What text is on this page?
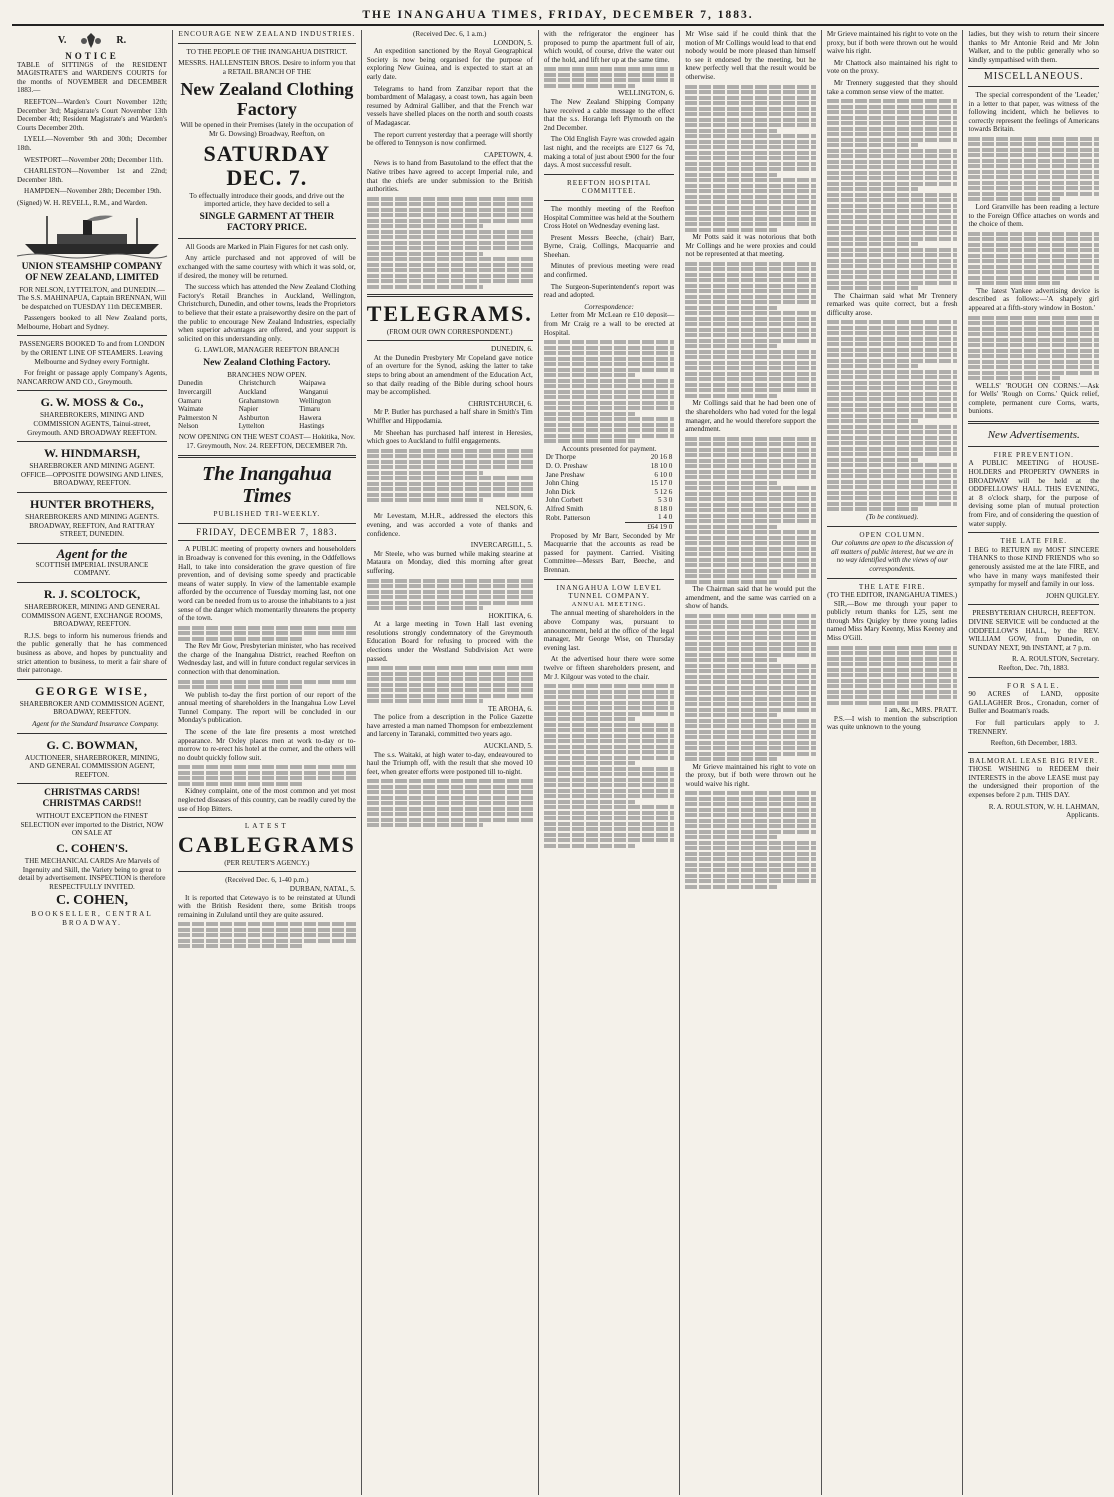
THE INANGAHUA TIMES, FRIDAY, DECEMBER 7, 1883.
V.	R.
NOTICE

TABLE of SITTINGS of the RESIDENT MAGISTRATE'S and WARDEN'S COURTS for the months of NOVEMBER and DECEMBER 1883.—

REEFTON—Warden's Court November 12th; December 3rd; Magistrate's Court November 13th December 4th; Resident Magistrate's and Warden's Courts December 20th.

LYELL—November 9th and 30th; December 18th.

WESTPORT—November 20th; December 11th.

CHARLESTON—November 1st and 22nd; December 18th.

HAMPDEN—November 28th; December 19th.

(Signed) W. H. REVELL, R.M., and Warden.

UNION STEAMSHIP COMPANY OF NEW ZEALAND, LIMITED

FOR NELSON, LYTTELTON, and DUNEDIN.— The S.S. MAHINAPUA, Captain BRENNAN, Will be despatched on TUESDAY 11th DECEMBER.

Passengers booked to all New Zealand ports, Melbourne, Hobart and Sydney.

PASSENGERS BOOKED To and from LONDON by the ORIENT LINE OF STEAMERS. Leaving Melbourne and Sydney every Fortnight.

For freight or passage apply Company's Agents, NANCARROW AND CO., Greymouth.

G. W. MOSS & Co.,

SHAREBROKERS, MINING AND COMMISSION AGENTS, Tainui-street, Greymouth. AND BROADWAY REEFTON.

W. HINDMARSH,

SHAREBROKER AND MINING AGENT. OFFICE—OPPOSITE DOWSING AND LINES, BROADWAY, REEFTON.

HUNTER BROTHERS,

SHAREBROKERS AND MINING AGENTS. BROADWAY, REEFTON, And RATTRAY STREET, DUNEDIN.

Agent for the

SCOTTISH IMPERIAL INSURANCE COMPANY.

R. J. SCOLTOCK,

SHAREBROKER, MINING AND GENERAL COMMISSON AGENT, EXCHANGE ROOMS, BROADWAY, REEFTON.

R.J.S. begs to inform his numerous friends and the public generally that he has commenced business as above, and hopes by punctuality and strict attention to business, to merit a fair share of their patronage.

GEORGE WISE,

SHAREBROKER AND COMMISSION AGENT, BROADWAY, REEFTON.

Agent for the Standard Insurance Company.

G. C. BOWMAN,

AUCTIONEER, SHAREBROKER, MINING, AND GENERAL COMMISSION AGENT, REEFTON.

CHRISTMAS CARDS! CHRISTMAS CARDS!!

WITHOUT EXCEPTION the FINEST SELECTION ever imported to the District, NOW ON SALE AT

C. COHEN'S.

THE MECHANICAL CARDS Are Marvels of Ingenuity and Skill, the Variety being to great to detail by advertisement. INSPECTION is therefore RESPECTFULLY INVITED.

C. COHEN,
BOOKSELLER, CENTRAL BROADWAY.
ENCOURAGE NEW ZEALAND INDUSTRIES.

TO THE PEOPLE OF THE INANGAHUA DISTRICT.

MESSRS. HALLENSTEIN BROS. Desire to inform you that a RETAIL BRANCH OF THE

New Zealand Clothing Factory

Will be opened in their Premises (lately in the occupation of Mr G. Dowsing) Broadway, Reefton, on

SATURDAY DEC. 7.

To effectually introduce their goods, and drive out the imported article, they have decided to sell a

SINGLE GARMENT AT THEIR FACTORY PRICE.

All Goods are Marked in Plain Figures for net cash only.

Any article purchased and not approved of will be exchanged with the same courtesy with which it was sold, or, if desired, the money will be returned.

The success which has attended the New Zealand Clothing Factory's Retail Branches in Auckland, Wellington, Christchurch, Dunedin, and other towns, leads the Proprietors to believe that their estate a praiseworthy desire on the part of the public to encourage New Zealand Industries, especially when superior advantages are offered, and your support is solicited on this understanding only.

G. LAWLOR, MANAGER REEFTON BRANCH

New Zealand Clothing Factory.
BRANCHES NOW OPEN.
Dunedin	Christchurch	Waipawa
Invercargill	Auckland	Wanganui
Oamaru	Grahamstown	Wellington
Waimate	Napier	Timaru
Palmerston N	Ashburton	Hawera
Nelson	Lyttelton	Hastings

NOW OPENING ON THE WEST COAST— Hokitika, Nov. 17. Greymouth, Nov. 24. REEFTON, DECEMBER 7th.

The Inangahua Times
PUBLISHED TRI-WEEKLY.
FRIDAY, DECEMBER 7, 1883.

A PUBLIC meeting of property owners and householders in Broadway is convened for this evening, in the Oddfellows Hall, to take into consideration the grave question of fire prevention, and of devising some speedy and practicable means of water supply. In view of the lamentable example afforded by the occurrence of Tuesday morning last, not one word can be needed from us to arouse the inhabitants to a just sense of the danger which momentarily threatens the property of the town.

The Rev Mr Gow, Presbyterian minister, who has received the charge of the Inangahua District, reached Reefton on Wednesday last, and will in future conduct regular services in connection with that denomination.

We publish to-day the first portion of our report of the annual meeting of shareholders in the Inangahua Low Level Tunnel Company. The report will be concluded in our Monday's publication.

The scene of the late fire presents a most wretched appearance. Mr Oxley places men at work to-day or to-morrow to re-erect his hotel at the corner, and the others will no doubt quickly follow suit.

Kidney complaint, one of the most common and yet most neglected diseases of this country, can be readily cured by the use of Hop Bitters.

LATEST
CABLEGRAMS
(PER REUTER'S AGENCY.)
(Received Dec. 6, 1-40 p.m.)
DURBAN, NATAL, 5.

It is reported that Cetewayo is to be reinstated at Ulundi with the British Resident there, some British troops remaining in Zululand until they are quite assured.

(Received Dec. 6, 1 a.m.)
LONDON, 5.

An expedition sanctioned by the Royal Geographical Society is now being organised for the purpose of exploring New Guinea, and is expected to start at an early date.

Telegrams to hand from Zanzibar report that the bombardment of Malagasy, a coast town, has again been resumed by Admiral Galliber, and that the French war vessels have shelled places on the north and south coasts of Madagascar.

The report current yesterday that a peerage will shortly be offered to Tennyson is now confirmed.

CAPETOWN, 4.

News is to hand from Basutoland to the effect that the Native tribes have agreed to accept Imperial rule, and that the chiefs are under submission to the British authorities.

TELEGRAMS.
(FROM OUR OWN CORRESPONDENT.)
DUNEDIN, 6.

At the Dunedin Presbytery Mr Copeland gave notice of an overture for the Synod, asking the latter to take steps to bring about an amendment of the Education Act, so that daily reading of the Bible during school hours may be accomplished.

CHRISTCHURCH, 6.

Mr P. Butler has purchased a half share in Smith's Tim Whiffler and Hippodamia.

Mr Sheehan has purchased half interest in Heresies, which goes to Auckland to fulfil engagements.

NELSON, 6.

Mr Levestam, M.H.R., addressed the electors this evening, and was accorded a vote of thanks and confidence.

INVERCARGILL, 5.

Mr Steele, who was burned while making stearine at Mataura on Monday, died this morning after great suffering.

HOKITIKA, 6.

At a large meeting in Town Hall last evening resolutions strongly condemnatory of the Greymouth Education Board for refusing to proceed with the elections under the Westland Subdivision Act were passed.

TE AROHA, 6.

The police from a description in the Police Gazette have arrested a man named Thompson for embezzlement and larceny in Taranaki, committed two years ago.

AUCKLAND, 5.

The s.s. Waitaki, at high water to-day, endeavoured to haul the Triumph off, with the result that she moved 10 feet, when greater efforts were postponed till to-night.

with the refrigerator the engineer has proposed to pump the apartment full of air, which would, of course, drive the water out of the hold, and lift her up at the same time.

WELLINGTON, 6.

The New Zealand Shipping Company have received a cable message to the effect that the s.s. Horanga left Plymouth on the 2nd December.

The Old English Fayre was crowded again last night, and the receipts are £127 6s 7d, making a total of just about £900 for the four days. A most successful result.

REEFTON HOSPITAL COMMITTEE.

The monthly meeting of the Reefton Hospital Committee was held at the Southern Cross Hotel on Wednesday evening last.

Present Messrs Beeche, (chair) Barr, Byrne, Craig, Collings, Macquarrie and Sheehan.

Minutes of previous meeting were read and confirmed.

The Surgeon-Superintendent's report was read and adopted.

Correspondence:

Letter from Mr McLean re £10 deposit—from Mr Craig re a wall to be erected at Hospital.

Accounts presented for payment.
Dr Thorpe	20 16 8
D. O. Preshaw	18 10 0
Jane Preshaw	6 10 0
John Ching	15 17 0
John Dick	5 12 6
John Corbett	5 3 0
Alfred Smith	8 18 0
Robt. Patterson	1 4 0
	£64 19 0

Proposed by Mr Barr, Seconded by Mr Macquarrie that the accounts as read be passed for payment. Carried. Visiting Committee—Messrs Barr, Beeche, and Brennan.

INANGAHUA LOW LEVEL TUNNEL COMPANY.
ANNUAL MEETING.

The annual meeting of shareholders in the above Company was, pursuant to announcement, held at the office of the legal manager, Mr George Wise, on Thursday evening last.

At the advertised hour there were some twelve or fifteen shareholders present, and Mr J. Kilgour was voted to the chair.

Mr Wise said if he could think that the motion of Mr Collings would lead to that end nobody would be more pleased than himself to see it endorsed by the meeting, but he knew perfectly well that the result would be otherwise.

Mr Potts said it was notorious that both Mr Collings and he were proxies and could not be represented at that meeting.

Mr Collings said that he had been one of the shareholders who had voted for the legal manager, and he would therefore support the amendment.

The Chairman said that he would put the amendment, and the same was carried on a show of hands.

Mr Grieve maintained his right to vote on the proxy, but if both were thrown out he would waive his right.

Mr Grieve maintained his right to vote on the proxy, but if both were thrown out he would waive his right.

Mr Chattock also maintained his right to vote on the proxy.

Mr Trennery suggested that they should take a common sense view of the matter.

The Chairman said what Mr Trennery remarked was quite correct, but a fresh difficulty arose.

(To be continued).
OPEN COLUMN.

Our columns are open to the discussion of all matters of public interest, but we are in no way identified with the views of our correspondents.

THE LATE FIRE.
(TO THE EDITOR, INANGAHUA TIMES.)

SIR,—Bow me through your paper to publicly return thanks for L25, sent me through Mrs Quigley by three young ladies named Miss Mary Keenny, Miss Keeney and Miss O'Gill.

I am, &c., MRS. PRATT.

P.S.—I wish to mention the subscription was quite unknown to the young

ladies, but they wish to return their sincere thanks to Mr Antonie Reid and Mr John Walker, and to the public generally who so kindly sympathised with them.

MISCELLANEOUS.

The special correspondent of the 'Leader,' in a letter to that paper, was witness of the following incident, which he believes to correctly represent the feelings of Americans towards Britain.

Lord Granville has been reading a lecture to the Foreign Office attaches on words and the choice of them.

'The latest Yankee advertising device is described as follows:—'A shapely girl appeared at a fifth-story window in Boston.'

WELLS' 'ROUGH ON CORNS.'—Ask for Wells' 'Rough on Corns.' Quick relief, complete, permanent cure Corns, warts, bunions.

New Advertisements.
FIRE PREVENTION.

A PUBLIC MEETING of HOUSE-HOLDERS and PROPERTY OWNERS in BROADWAY will be held at the ODDFELLOWS' HALL THIS EVENING, at 8 o'clock sharp, for the purpose of devising some plan of mutual protection from Fire, and of considering the question of water supply.

THE LATE FIRE.

I BEG to RETURN my MOST SINCERE THANKS to those KIND FRIENDS who so generously assisted me at the late FIRE, and who have in many ways manifested their sympathy for myself and family in our loss.

JOHN QUIGLEY.
PRESBYTERIAN CHURCH, REEFTON.

DIVINE SERVICE will be conducted at the ODDFELLOW'S HALL, by the REV. WILLIAM GOW, from Dunedin, on SUNDAY NEXT, 9th INSTANT, at 7 p.m.

R. A. ROULSTON, Secretary.
Reefton, Dec. 7th, 1883.
FOR SALE.

90 ACRES of LAND, opposite GALLAGHER Bros., Cronadun, corner of Buller and Boatman's roads.

For full particulars apply to J. TRENNERY.

Reefton, 6th December, 1883.
BALMORAL LEASE BIG RIVER.

THOSE WISHING to REDEEM their INTERESTS in the above LEASE must pay the undersigned their proportion of the expenses before 2 p.m. THIS DAY.

R. A. ROULSTON, W. H. LAHMAN, Applicants.
